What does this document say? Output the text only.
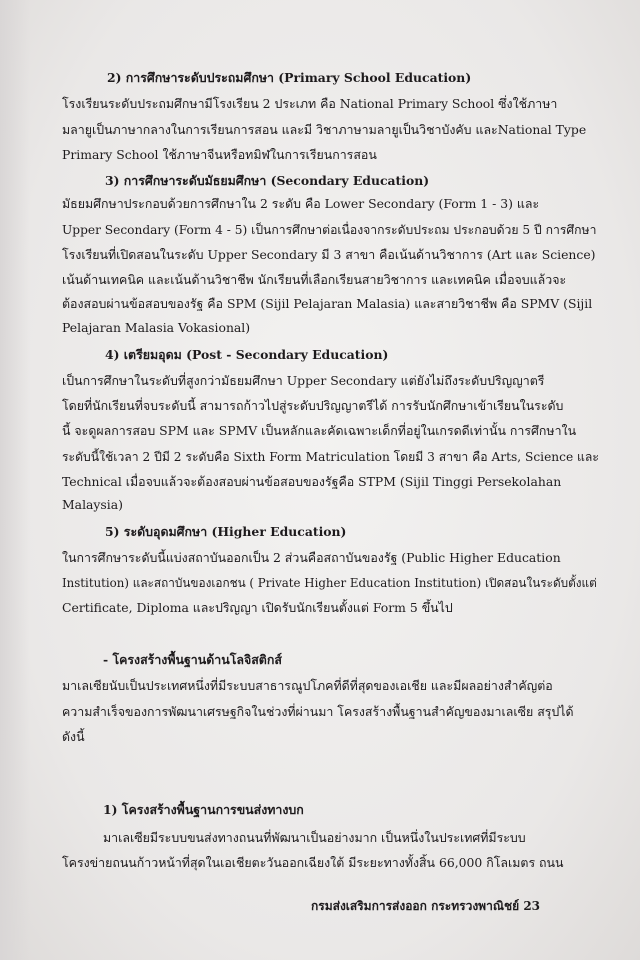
2) การศึกษาระดับประถมศึกษา (Primary School Education)
โรงเรียนระดับประถมศึกษามีโรงเรียน 2 ประเภท คือ National Primary School ซึ่งใช้ภาษา
มลายูเป็นภาษากลางในการเรียนการสอน และมี วิชาภาษามลายูเป็นวิชาบังคับ และNational Type
Primary School ใช้ภาษาจีนหรือทมิฬในการเรียนการสอน
3) การศึกษาระดับมัธยมศึกษา (Secondary Education)
มัธยมศึกษาประกอบด้วยการศึกษาใน 2 ระดับ คือ Lower Secondary (Form 1 - 3) และ
Upper Secondary (Form 4 - 5) เป็นการศึกษาต่อเนื่องจากระดับประถม ประกอบด้วย 5 ปี การศึกษา
โรงเรียนที่เปิดสอนในระดับ Upper Secondary มี 3 สาขา คือเน้นด้านวิชาการ (Art และ Science)
เน้นด้านเทคนิค และเน้นด้านวิชาชีพ นักเรียนที่เลือกเรียนสายวิชาการ และเทคนิค เมื่อจบแล้วจะ
ต้องสอบผ่านข้อสอบของรัฐ คือ SPM (Sijil Pelajaran Malasia) และสายวิชาชีพ คือ SPMV (Sijil
Pelajaran Malasia Vokasional)
4) เตรียมอุดม (Post - Secondary Education)
เป็นการศึกษาในระดับที่สูงกว่ามัธยมศึกษา Upper Secondary แต่ยังไม่ถึงระดับปริญญาตรี
โดยที่นักเรียนที่จบระดับนี้ สามารถก้าวไปสู่ระดับปริญญาตรีได้ การรับนักศึกษาเข้าเรียนในระดับ
นี้ จะดูผลการสอบ SPM และ SPMV เป็นหลักและคัดเฉพาะเด็กที่อยู่ในเกรดดีเท่านั้น การศึกษาใน
ระดับนี้ใช้เวลา 2 ปีมี 2 ระดับคือ Sixth Form Matriculation โดยมี 3 สาขา คือ Arts, Science และ
Technical เมื่อจบแล้วจะต้องสอบผ่านข้อสอบของรัฐคือ STPM (Sijil Tinggi Persekolahan
Malaysia)
5) ระดับอุดมศึกษา (Higher Education)
ในการศึกษาระดับนี้แบ่งสถาบันออกเป็น 2 ส่วนคือสถาบันของรัฐ (Public Higher Education
Institution) และสถาบันของเอกชน ( Private Higher Education Institution) เปิดสอนในระดับตั้งแต่
Certificate, Diploma และปริญญา เปิดรับนักเรียนตั้งแต่ Form 5 ขึ้นไป
- โครงสร้างพื้นฐานด้านโลจิสติกส์
มาเลเซียนับเป็นประเทศหนึ่งที่มีระบบสาธารณูปโภคที่ดีที่สุดของเอเชีย และมีผลอย่างสำคัญต่อ
ความสำเร็จของการพัฒนาเศรษฐกิจในช่วงที่ผ่านมา โครงสร้างพื้นฐานสำคัญของมาเลเซีย สรุปได้
ดังนี้
1) โครงสร้างพื้นฐานการขนส่งทางบก
มาเลเซียมีระบบขนส่งทางถนนที่พัฒนาเป็นอย่างมาก เป็นหนึ่งในประเทศที่มีระบบ
โครงข่ายถนนก้าวหน้าที่สุดในเอเชียตะวันออกเฉียงใต้ มีระยะทางทั้งสิ้น 66,000 กิโลเมตร ถนน
กรมส่งเสริมการส่งออก กระทรวงพาณิชย์ 23
